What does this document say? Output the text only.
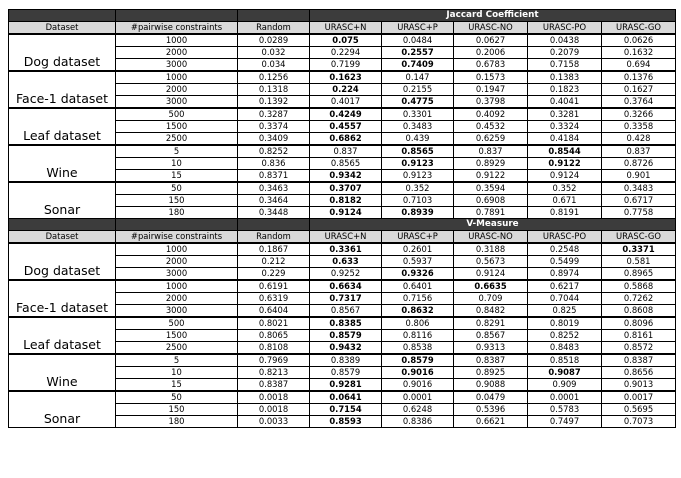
			Jaccard Coefficient				
Dataset	#pairwise constraints	Random	URASC+N	URASC+P	URASC-NO	URASC-PO	URASC-GO
Dog dataset	1000	0.0289	0.075	0.0484	0.0627	0.0438	0.0626
	2000	0.032	0.2294	0.2557	0.2006	0.2079	0.1632
	3000	0.034	0.7199	0.7409	0.6783	0.7158	0.694
Face-1 dataset	1000	0.1256	0.1623	0.147	0.1573	0.1383	0.1376
	2000	0.1318	0.224	0.2155	0.1947	0.1823	0.1627
	3000	0.1392	0.4017	0.4775	0.3798	0.4041	0.3764
Leaf dataset	500	0.3287	0.4249	0.3301	0.4092	0.3281	0.3266
	1500	0.3374	0.4557	0.3483	0.4532	0.3324	0.3358
	2500	0.3409	0.6862	0.439	0.6259	0.4184	0.428
Wine	5	0.8252	0.837	0.8565	0.837	0.8544	0.837
	10	0.836	0.8565	0.9123	0.8929	0.9122	0.8726
	15	0.8371	0.9342	0.9123	0.9122	0.9124	0.901
Sonar	50	0.3463	0.3707	0.352	0.3594	0.352	0.3483
	150	0.3464	0.8182	0.7103	0.6908	0.671	0.6717
	180	0.3448	0.9124	0.8939	0.7891	0.8191	0.7758
			V-Measure				
Dataset	#pairwise constraints	Random	URASC+N	URASC+P	URASC-NO	URASC-PO	URASC-GO
Dog dataset	1000	0.1867	0.3361	0.2601	0.3188	0.2548	0.3371
	2000	0.212	0.633	0.5937	0.5673	0.5499	0.581
	3000	0.229	0.9252	0.9326	0.9124	0.8974	0.8965
Face-1 dataset	1000	0.6191	0.6634	0.6401	0.6635	0.6217	0.5868
	2000	0.6319	0.7317	0.7156	0.709	0.7044	0.7262
	3000	0.6404	0.8567	0.8632	0.8482	0.825	0.8608
Leaf dataset	500	0.8021	0.8385	0.806	0.8291	0.8019	0.8096
	1500	0.8065	0.8579	0.8116	0.8567	0.8252	0.8161
	2500	0.8108	0.9432	0.8538	0.9313	0.8483	0.8572
Wine	5	0.7969	0.8389	0.8579	0.8387	0.8518	0.8387
	10	0.8213	0.8579	0.9016	0.8925	0.9087	0.8656
	15	0.8387	0.9281	0.9016	0.9088	0.909	0.9013
Sonar	50	0.0018	0.0641	0.0001	0.0479	0.0001	0.0017
	150	0.0018	0.7154	0.6248	0.5396	0.5783	0.5695
	180	0.0033	0.8593	0.8386	0.6621	0.7497	0.7073
